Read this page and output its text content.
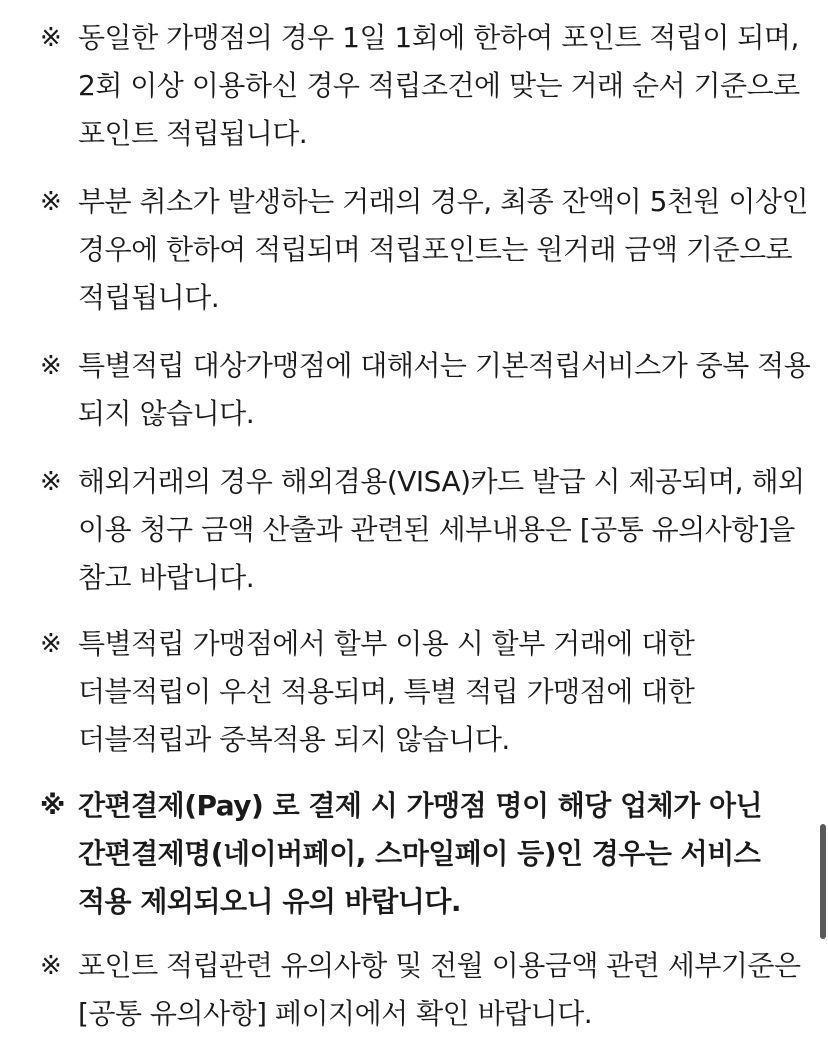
※ 동일한 가맹점의 경우 1일 1회에 한하여 포인트 적립이 되며,
2회 이상 이용하신 경우 적립조건에 맞는 거래 순서 기준으로
포인트 적립됩니다.
※ 부분 취소가 발생하는 거래의 경우, 최종 잔액이 5천원 이상인
경우에 한하여 적립되며 적립포인트는 원거래 금액 기준으로
적립됩니다.
※ 특별적립 대상가맹점에 대해서는 기본적립서비스가 중복 적용
되지 않습니다.
※ 해외거래의 경우 해외겸용(VISA)카드 발급 시 제공되며, 해외
이용 청구 금액 산출과 관련된 세부내용은 [공통 유의사항]을
참고 바랍니다.
※ 특별적립 가맹점에서 할부 이용 시 할부 거래에 대한
더블적립이 우선 적용되며, 특별 적립 가맹점에 대한
더블적립과 중복적용 되지 않습니다.
※ 간편결제(Pay) 로 결제 시 가맹점 명이 해당 업체가 아닌
간편결제명(네이버페이, 스마일페이 등)인 경우는 서비스
적용 제외되오니 유의 바랍니다.
※ 포인트 적립관련 유의사항 및 전월 이용금액 관련 세부기준은
[공통 유의사항] 페이지에서 확인 바랍니다.
